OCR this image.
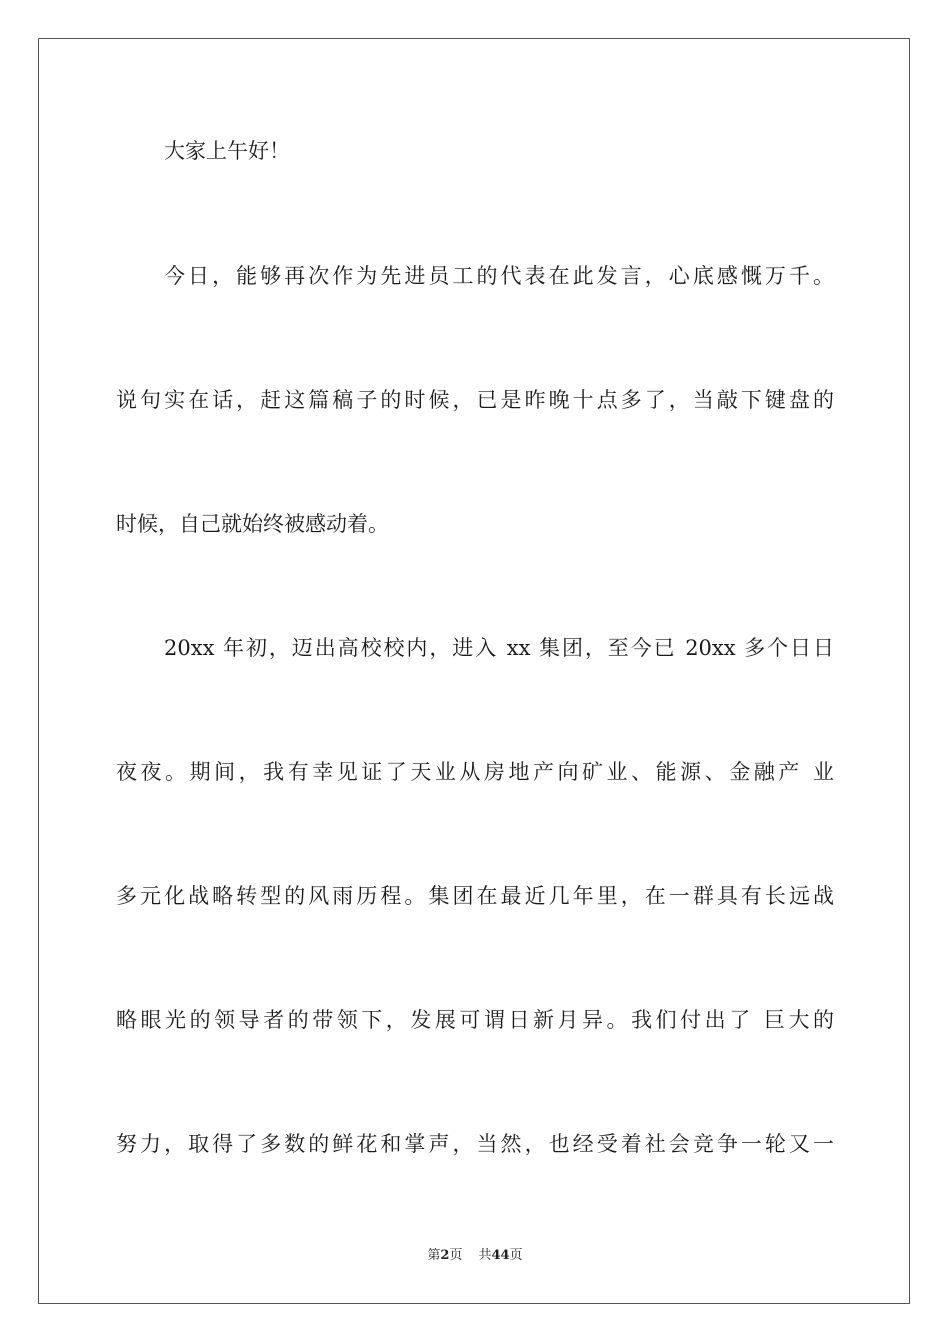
大家上午好！
今日，能够再次作为先进员工的代表在此发言，心底感慨万千。
说句实在话，赶这篇稿子的时候，已是昨晚十点多了，当敲下键盘的
时候，自己就始终被感动着。
20xx 年初，迈出高校校内，进入 xx 集团，至今已 20xx 多个日日
夜夜。期间，我有幸见证了天业从房地产向矿业、能源、金融产 业
多元化战略转型的风雨历程。集团在最近几年里，在一群具有长远战
略眼光的领导者的带领下，发展可谓日新月异。我们付出了 巨大的
努力，取得了多数的鲜花和掌声，当然，也经受着社会竞争一轮又一
第2页 共44页
